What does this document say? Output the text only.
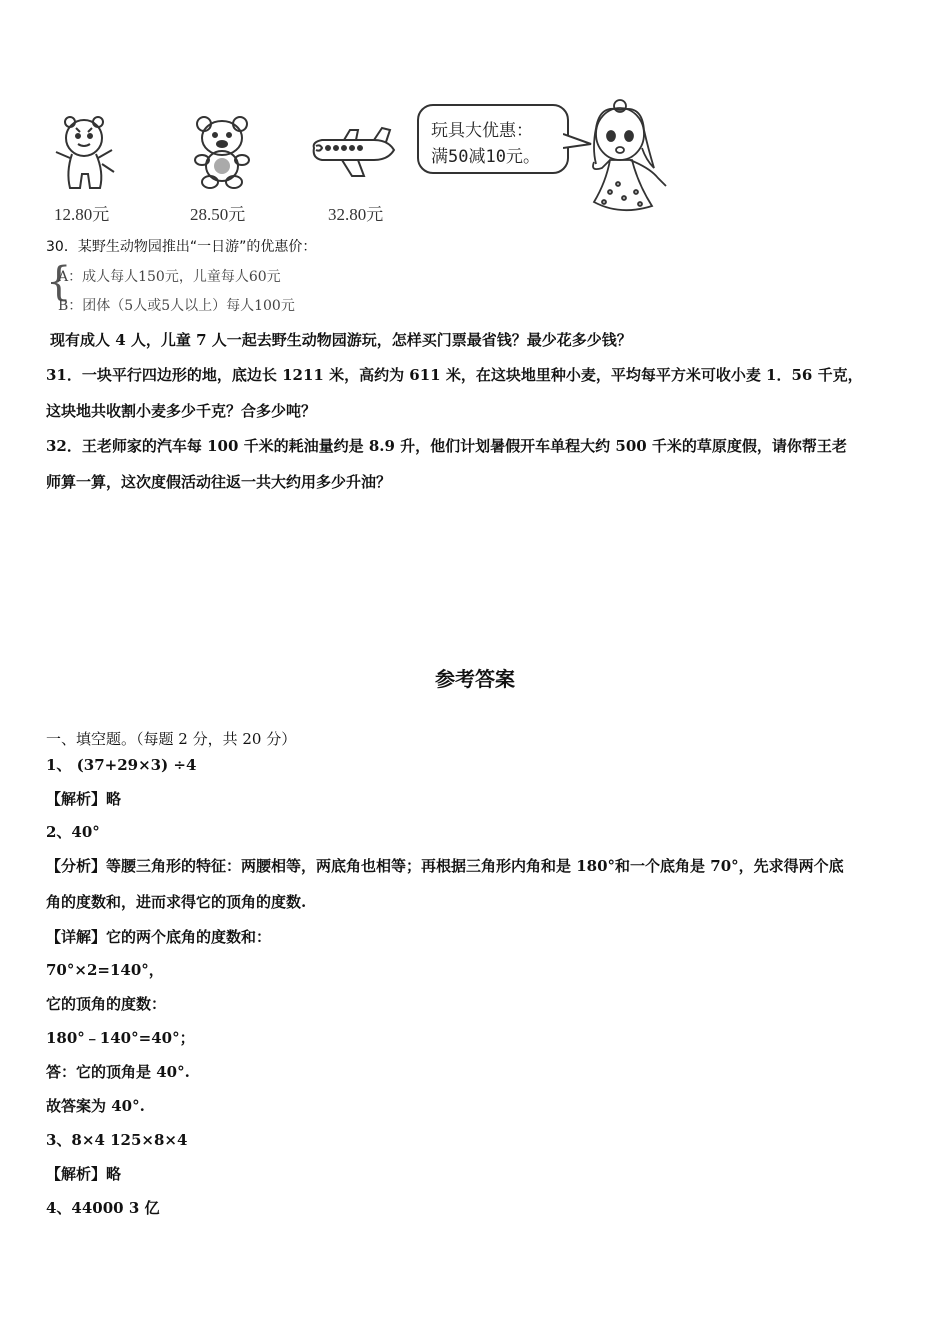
12.80元	28.50元	32.80元
玩具大优惠：
满50减10元。
30．某野生动物园推出“一日游”的优惠价：
{
A：成人每人150元，儿童每人60元
B：团体（5人或5人以上）每人100元
现有成人 4 人，儿童 7 人一起去野生动物园游玩，怎样买门票最省钱？最少花多少钱？
31．一块平行四边形的地，底边长 1211 米，高约为 611 米，在这块地里种小麦，平均每平方米可收小麦 1．56 千克，
这块地共收割小麦多少千克？合多少吨？
32．王老师家的汽车每 100 千米的耗油量约是 8.9 升，他们计划暑假开车单程大约 500 千米的草原度假，请你帮王老
师算一算，这次度假活动往返一共大约用多少升油？
参考答案
一、填空题。（每题 2 分，共 20 分）
1、 (37+29×3) ÷4
【解析】略
2、40°
【分析】等腰三角形的特征：两腰相等，两底角也相等；再根据三角形内角和是 180°和一个底角是 70°，先求得两个底
角的度数和，进而求得它的顶角的度数.
【详解】它的两个底角的度数和：
70°×2=140°，
它的顶角的度数：
180°﹣140°=40°；
答：它的顶角是 40°.
故答案为 40°.
3、8×4 125×8×4
【解析】略
4、44000 3 亿
